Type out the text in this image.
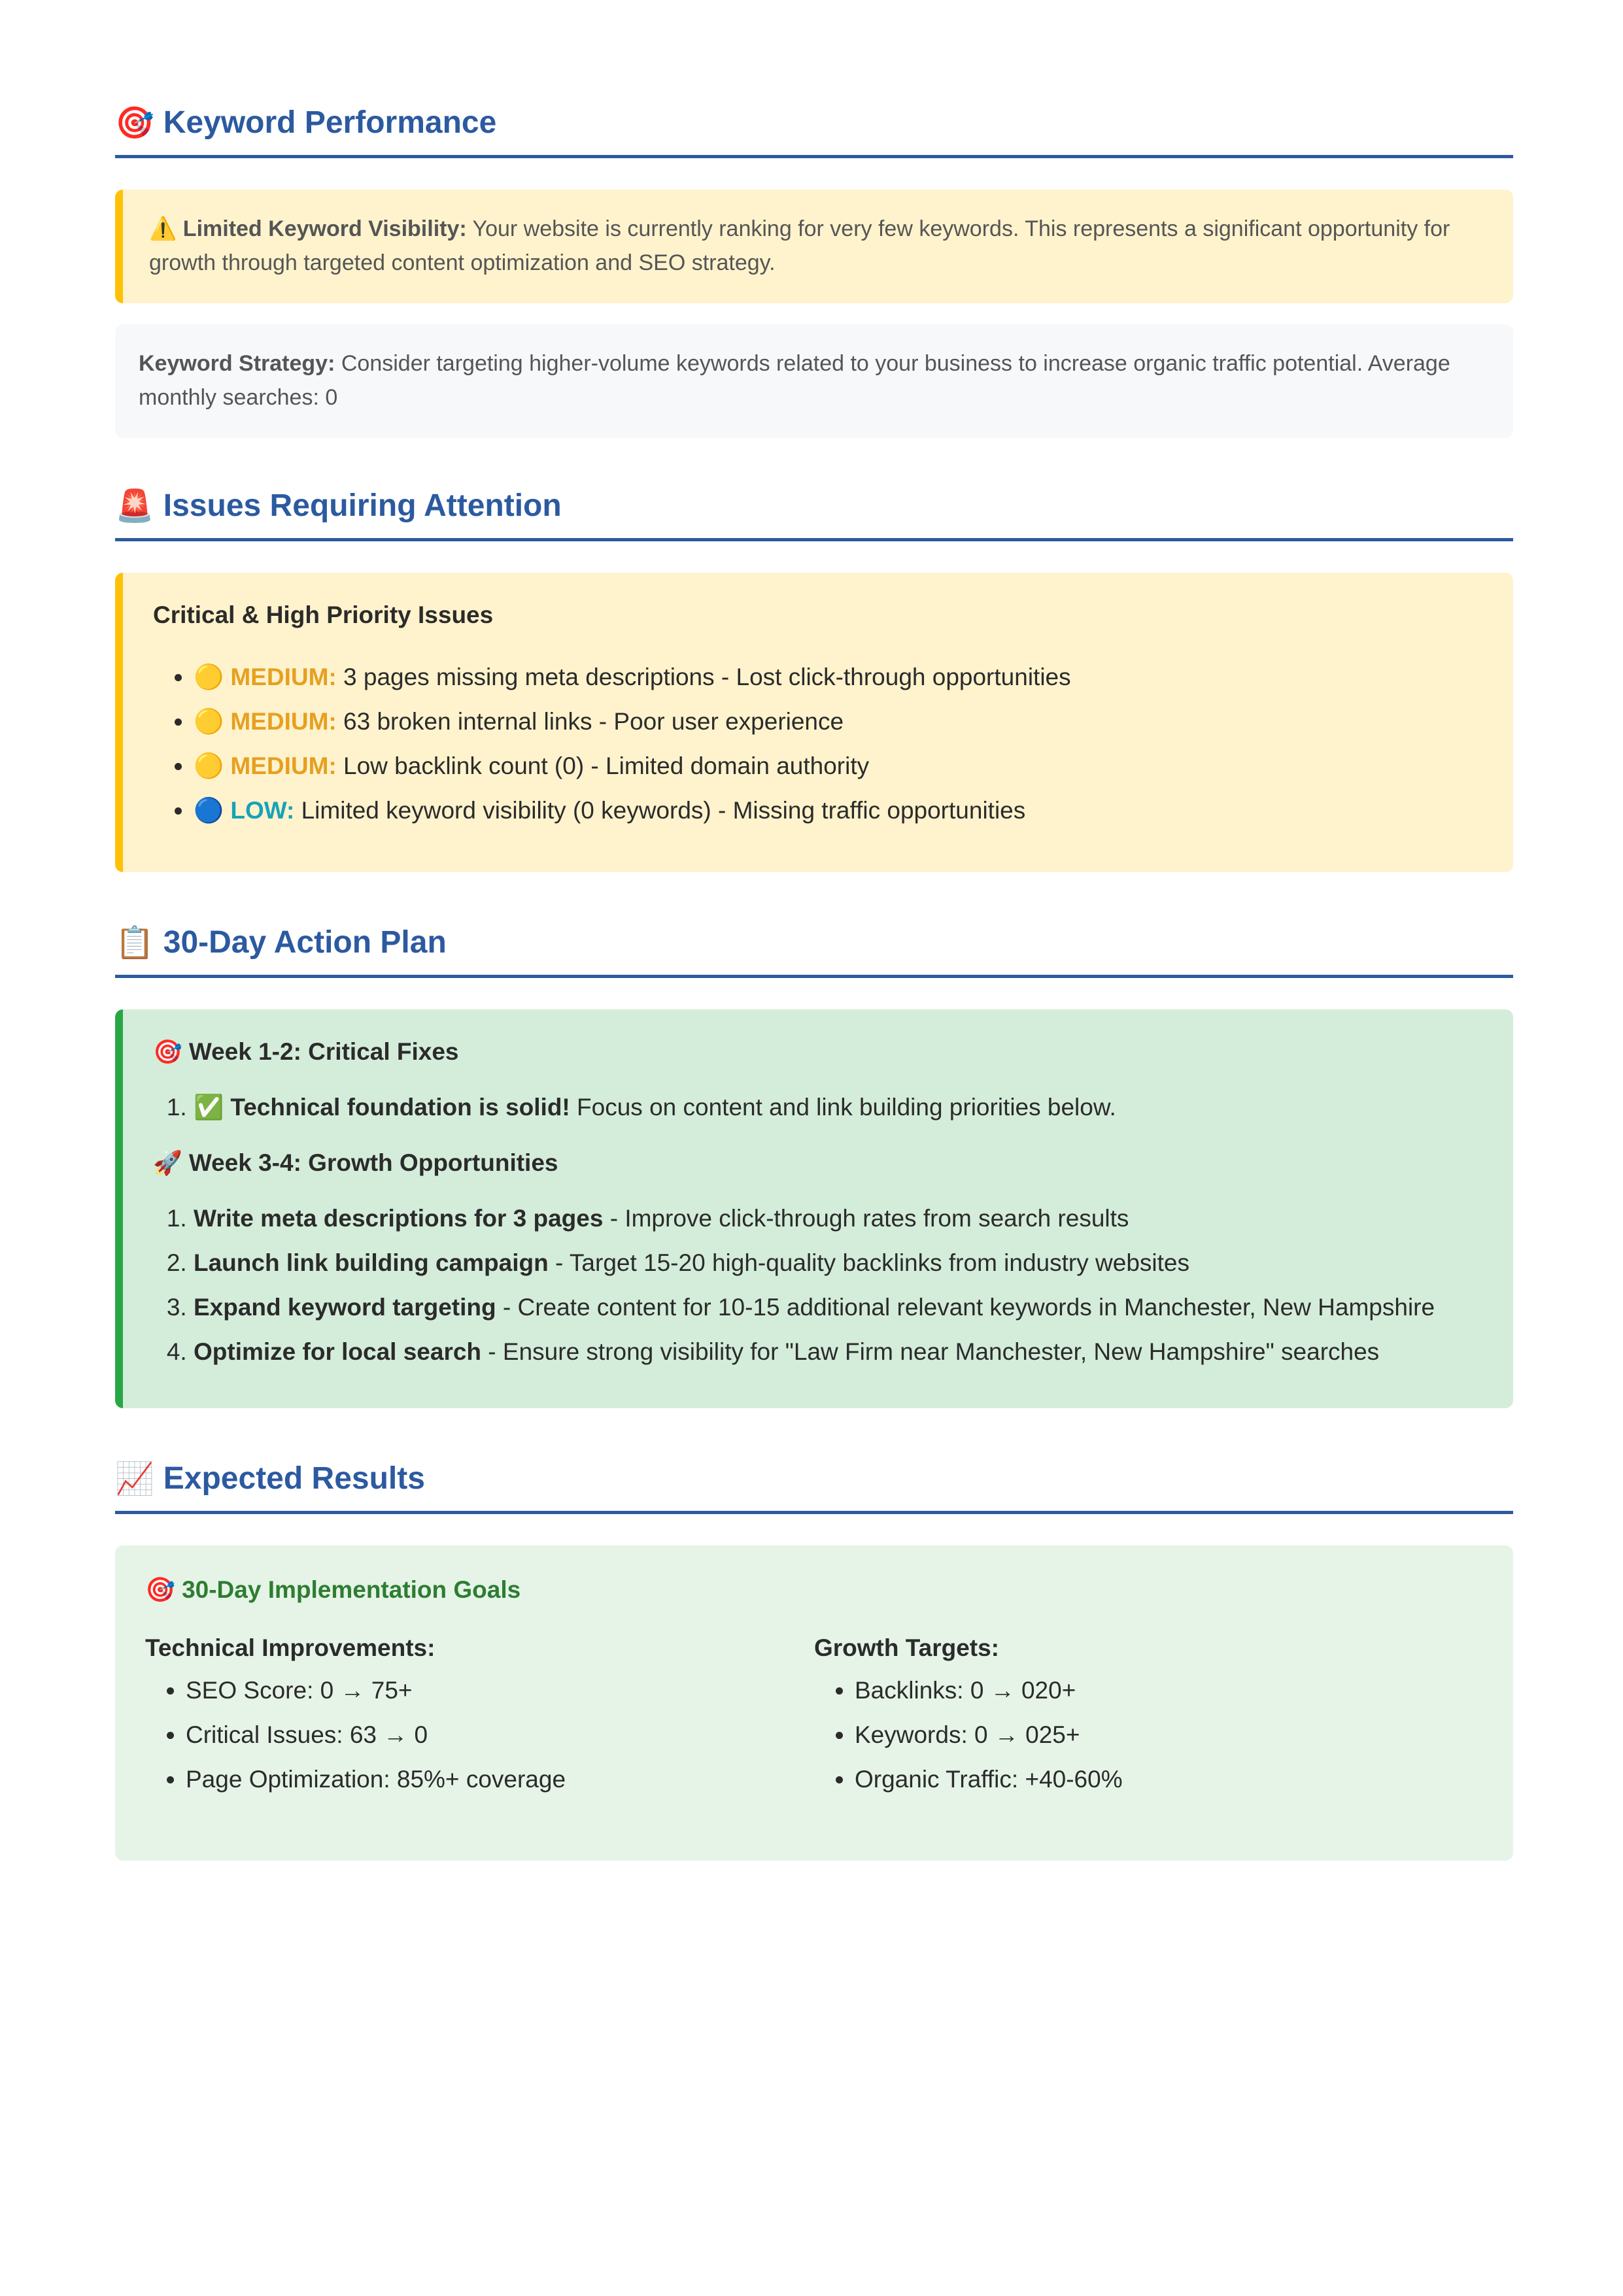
🎯 Keyword Performance
⚠️ Limited Keyword Visibility: Your website is currently ranking for very few keywords. This represents a significant opportunity for growth through targeted content optimization and SEO strategy.
Keyword Strategy: Consider targeting higher-volume keywords related to your business to increase organic traffic potential. Average monthly searches: 0
🚨 Issues Requiring Attention
Critical & High Priority Issues
• 🟡 MEDIUM: 3 pages missing meta descriptions - Lost click-through opportunities
• 🟡 MEDIUM: 63 broken internal links - Poor user experience
• 🟡 MEDIUM: Low backlink count (0) - Limited domain authority
• 🔵 LOW: Limited keyword visibility (0 keywords) - Missing traffic opportunities
📋 30-Day Action Plan
🎯 Week 1-2: Critical Fixes
1. ✅ Technical foundation is solid! Focus on content and link building priorities below.
🚀 Week 3-4: Growth Opportunities
1. Write meta descriptions for 3 pages - Improve click-through rates from search results
2. Launch link building campaign - Target 15-20 high-quality backlinks from industry websites
3. Expand keyword targeting - Create content for 10-15 additional relevant keywords in Manchester, New Hampshire
4. Optimize for local search - Ensure strong visibility for "Law Firm near Manchester, New Hampshire" searches
📈 Expected Results
🎯 30-Day Implementation Goals
Technical Improvements:
• SEO Score: 0 → 75+
• Critical Issues: 63 → 0
• Page Optimization: 85%+ coverage
Growth Targets:
• Backlinks: 0 → 020+
• Keywords: 0 → 025+
• Organic Traffic: +40-60%
